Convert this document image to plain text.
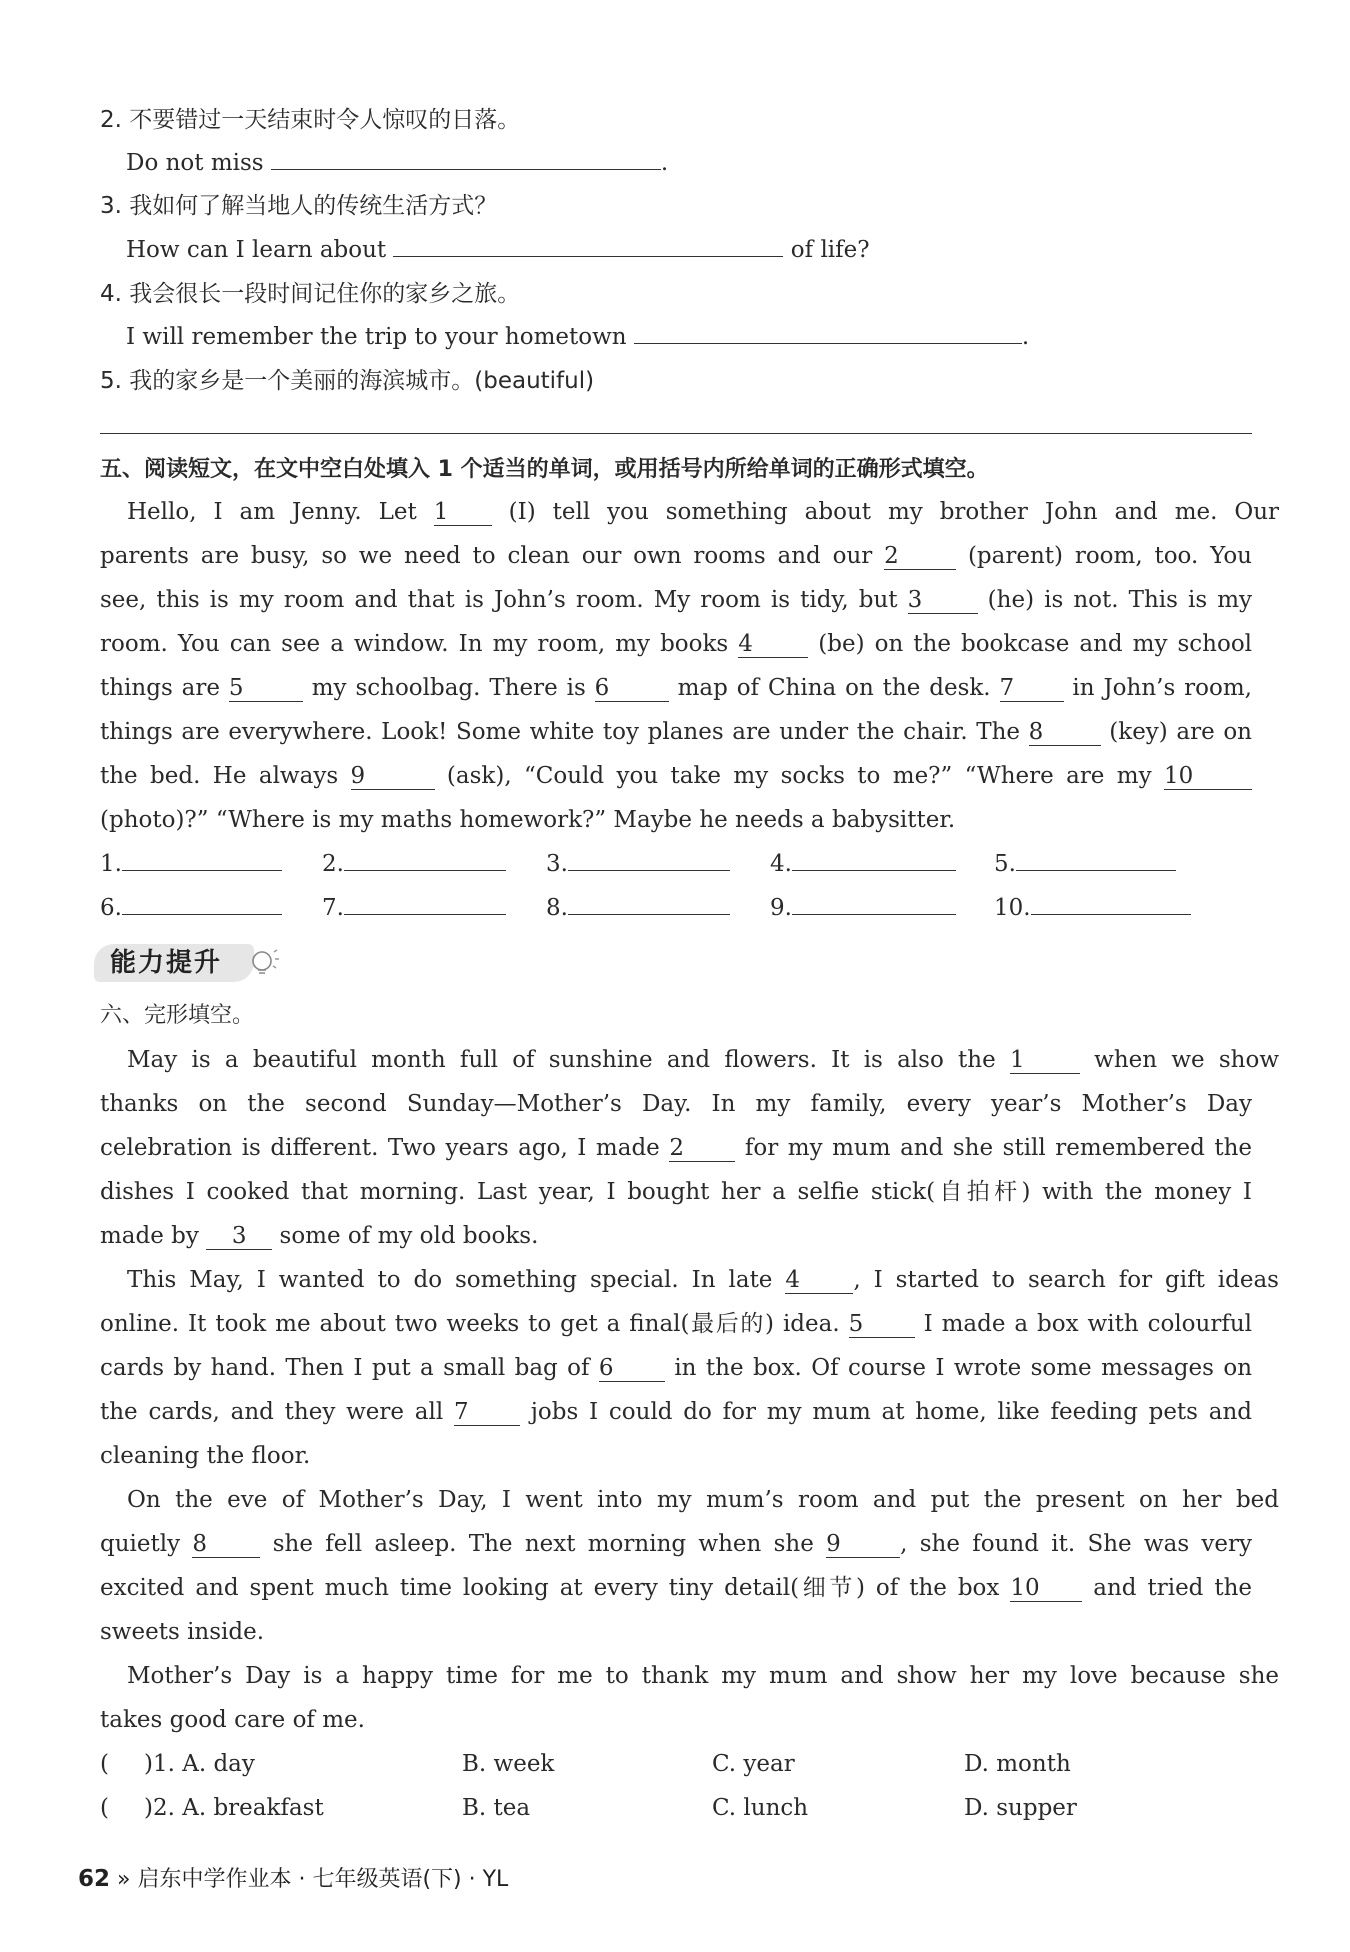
2. 不要错过一天结束时令人惊叹的日落。
Do not miss	.
3. 我如何了解当地人的传统生活方式？
How can I learn about	of life?
4. 我会很长一段时间记住你的家乡之旅。
I will remember the trip to your hometown	.
5. 我的家乡是一个美丽的海滨城市。(beautiful)
五、阅读短文，在文中空白处填入 1 个适当的单词，或用括号内所给单词的正确形式填空。
Hello, I am Jenny. Let 1	(I) tell you something about my brother John and me. Our
parents are busy, so we need to clean our own rooms and our 2	(parent) room, too. You
see, this is my room and that is John’s room. My room is tidy, but 3	(he) is not. This is my
room. You can see a window. In my room, my books 4	(be) on the bookcase and my school
things are 5	my schoolbag. There is 6	map of China on the desk. 7	in John’s room,
things are everywhere. Look! Some white toy planes are under the chair. The 8	(key) are on
the bed. He always 9	(ask), “Could you take my socks to me?” “Where are my 10
(photo)?” “Where is my maths homework?” Maybe he needs a babysitter.
1.	2.	3.	4.	5.
6.	7.	8.	9.	10.
能力提升
六、完形填空。
May is a beautiful month full of sunshine and flowers. It is also the 1	when we show
thanks on the second Sunday—Mother’s Day. In my family, every year’s Mother’s Day
celebration is different. Two years ago, I made 2	for my mum and she still remembered the
dishes I cooked that morning. Last year, I bought her a selfie stick(自拍杆) with the money I
made by 3 some of my old books.
This May, I wanted to do something special. In late 4 , I started to search for gift ideas
online. It took me about two weeks to get a final(最后的) idea. 5	I made a box with colourful
cards by hand. Then I put a small bag of 6	in the box. Of course I wrote some messages on
the cards, and they were all 7	jobs I could do for my mum at home, like feeding pets and
cleaning the floor.
On the eve of Mother’s Day, I went into my mum’s room and put the present on her bed
quietly 8	she fell asleep. The next morning when she 9	, she found it. She was very
excited and spent much time looking at every tiny detail(细节) of the box 10 and tried the
sweets inside.
Mother’s Day is a happy time for me to thank my mum and show her my love because she
takes good care of me.
( )1. A. day	B. week	C. year	D. month
( )2. A. breakfast	B. tea	C. lunch	D. supper
62 » 启东中学作业本 · 七年级英语(下) · YL
